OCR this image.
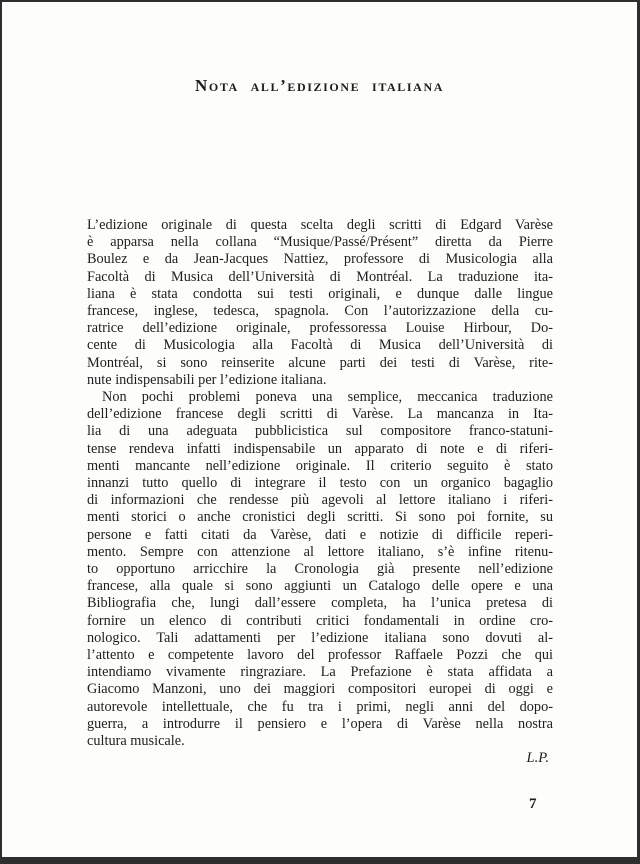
Nota all’edizione italiana
L’edizione originale di questa scelta degli scritti di Edgard Varèse
è apparsa nella collana “Musique/Passé/Présent” diretta da Pierre
Boulez e da Jean-Jacques Nattiez, professore di Musicologia alla
Facoltà di Musica dell’Università di Montréal. La traduzione ita-
liana è stata condotta sui testi originali, e dunque dalle lingue
francese, inglese, tedesca, spagnola. Con l’autorizzazione della cu-
ratrice dell’edizione originale, professoressa Louise Hirbour, Do-
cente di Musicologia alla Facoltà di Musica dell’Università di
Montréal, si sono reinserite alcune parti dei testi di Varèse, rite-
nute indispensabili per l’edizione italiana.
Non pochi problemi poneva una semplice, meccanica traduzione
dell’edizione francese degli scritti di Varèse. La mancanza in Ita-
lia di una adeguata pubblicistica sul compositore franco-statuni-
tense rendeva infatti indispensabile un apparato di note e di riferi-
menti mancante nell’edizione originale. Il criterio seguito è stato
innanzi tutto quello di integrare il testo con un organico bagaglio
di informazioni che rendesse più agevoli al lettore italiano i riferi-
menti storici o anche cronistici degli scritti. Si sono poi fornite, su
persone e fatti citati da Varèse, dati e notizie di difficile reperi-
mento. Sempre con attenzione al lettore italiano, s’è infine ritenu-
to opportuno arricchire la Cronologia già presente nell’edizione
francese, alla quale si sono aggiunti un Catalogo delle opere e una
Bibliografia che, lungi dall’essere completa, ha l’unica pretesa di
fornire un elenco di contributi critici fondamentali in ordine cro-
nologico. Tali adattamenti per l’edizione italiana sono dovuti al-
l’attento e competente lavoro del professor Raffaele Pozzi che qui
intendiamo vivamente ringraziare. La Prefazione è stata affidata a
Giacomo Manzoni, uno dei maggiori compositori europei di oggi e
autorevole intellettuale, che fu tra i primi, negli anni del dopo-
guerra, a introdurre il pensiero e l’opera di Varèse nella nostra
cultura musicale.
L.P.
7
